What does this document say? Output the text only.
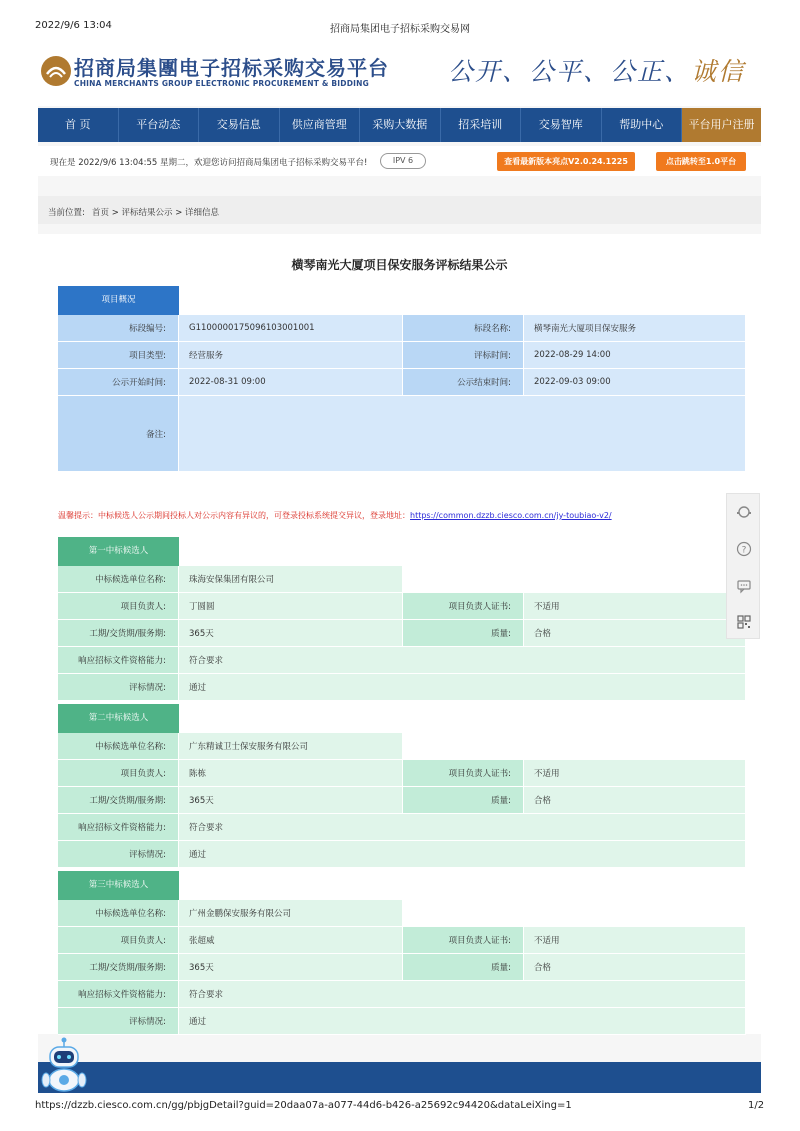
2022/9/6 13:04	招商局集团电子招标采购交易网
招商局集團电子招标采购交易平台
CHINA MERCHANTS GROUP ELECTRONIC PROCUREMENT & BIDDING	公开、公平、公正、诚信
首 页	平台动态	交易信息	供应商管理	采购大数据	招采培训	交易智库	帮助中心	平台用户注册
现在是 2022/9/6 13:04:55 星期二，欢迎您访问招商局集团电子招标采购交易平台!	IPV 6	查看最新版本亮点V2.0.24.1225	点击跳转至1.0平台
当前位置: 首页 > 评标结果公示 > 详细信息
横琴南光大厦项目保安服务评标结果公示
项目概况
标段编号:	G1100000175096103001001	标段名称:	横琴南光大厦项目保安服务
项目类型:	经营服务	评标时间:	2022-08-29 14:00
公示开始时间:	2022-08-31 09:00	公示结束时间:	2022-09-03 09:00
备注:
温馨提示：中标候选人公示期间投标人对公示内容有异议的，可登录投标系统提交异议，登录地址：https://common.dzzb.ciesco.com.cn/jy-toubiao-v2/
第一中标候选人
中标候选单位名称:	珠海安保集团有限公司
项目负责人:	丁圆圆	项目负责人证书:	不适用
工期/交货期/服务期:	365天	质量:	合格
响应招标文件资格能力:	符合要求
评标情况:	通过
第二中标候选人
中标候选单位名称:	广东精诚卫士保安服务有限公司
项目负责人:	陈栋	项目负责人证书:	不适用
工期/交货期/服务期:	365天	质量:	合格
响应招标文件资格能力:	符合要求
评标情况:	通过
第三中标候选人
中标候选单位名称:	广州金鹏保安服务有限公司
项目负责人:	张超威	项目负责人证书:	不适用
工期/交货期/服务期:	365天	质量:	合格
响应招标文件资格能力:	符合要求
评标情况:	通过
?
https://dzzb.ciesco.com.cn/gg/pbjgDetail?guid=20daa07a-a077-44d6-b426-a25692c94420&dataLeiXing=1	1/2
